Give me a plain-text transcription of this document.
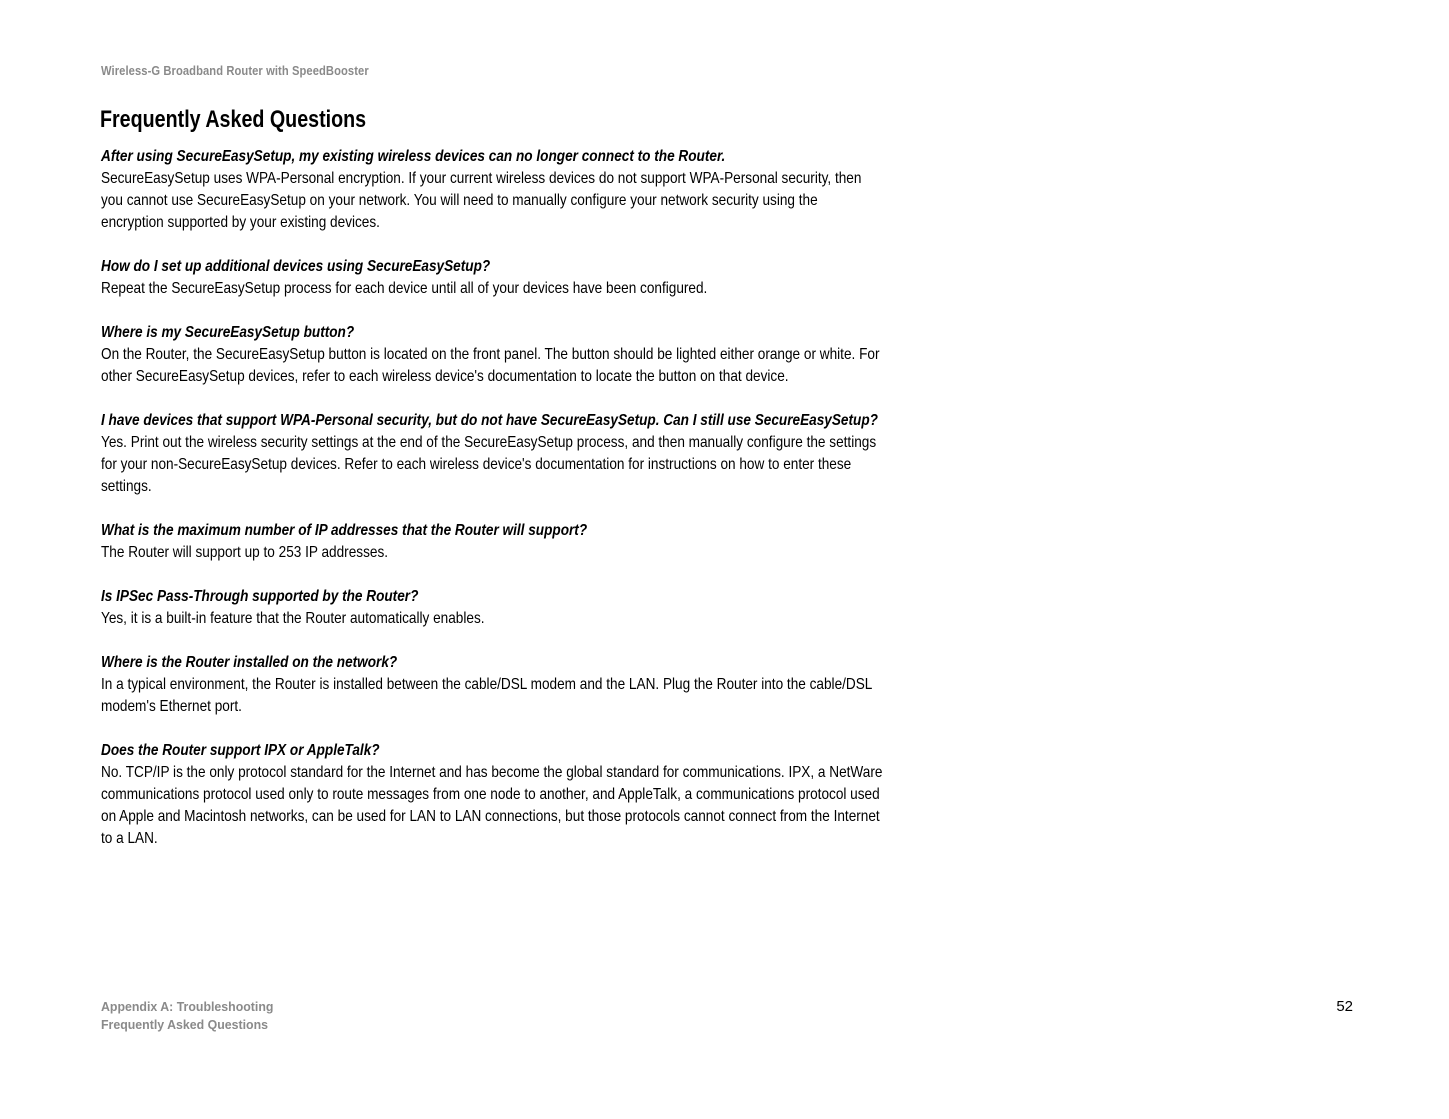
Wireless-G Broadband Router with SpeedBooster
Frequently Asked Questions

After using SecureEasySetup, my existing wireless devices can no longer connect to the Router.

SecureEasySetup uses WPA-Personal encryption. If your current wireless devices do not support WPA-Personal security, then you cannot use SecureEasySetup on your network. You will need to manually configure your network security using the encryption supported by your existing devices.

How do I set up additional devices using SecureEasySetup?

Repeat the SecureEasySetup process for each device until all of your devices have been configured.

Where is my SecureEasySetup button?

On the Router, the SecureEasySetup button is located on the front panel. The button should be lighted either orange or white. For other SecureEasySetup devices, refer to each wireless device's documentation to locate the button on that device.

I have devices that support WPA-Personal security, but do not have SecureEasySetup. Can I still use SecureEasySetup?

Yes. Print out the wireless security settings at the end of the SecureEasySetup process, and then manually configure the settings for your non-SecureEasySetup devices. Refer to each wireless device's documentation for instructions on how to enter these settings.

What is the maximum number of IP addresses that the Router will support?

The Router will support up to 253 IP addresses.

Is IPSec Pass-Through supported by the Router?

Yes, it is a built-in feature that the Router automatically enables.

Where is the Router installed on the network?

In a typical environment, the Router is installed between the cable/DSL modem and the LAN. Plug the Router into the cable/DSL modem's Ethernet port.

Does the Router support IPX or AppleTalk?

No. TCP/IP is the only protocol standard for the Internet and has become the global standard for communications. IPX, a NetWare communications protocol used only to route messages from one node to another, and AppleTalk, a communications protocol used on Apple and Macintosh networks, can be used for LAN to LAN connections, but those protocols cannot connect from the Internet to a LAN.

Appendix A: Troubleshooting
Frequently Asked Questions
52
